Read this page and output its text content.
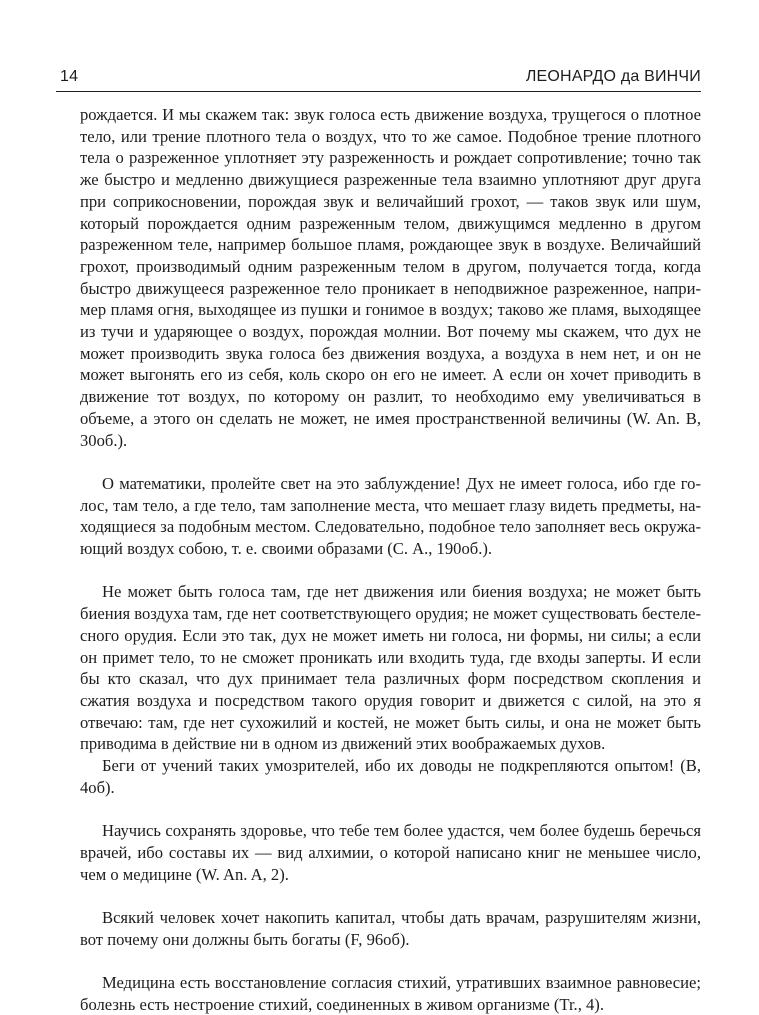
14	ЛЕОНАРДО да ВИНЧИ

рождается. И мы скажем так: звук голоса есть движение воздуха, трущегося о плотное тело, или трение плотного тела о воздух, что то же самое. Подобное трение плотного тела о разреженное уплотняет эту разреженность и рождает сопротивление; точно так же быстро и медленно движущиеся разреженные тела взаимно уплотняют друг друга при соприкосновении, порождая звук и величайший грохот, — таков звук или шум, который порождается одним разреженным телом, движущимся медленно в другом разреженном теле, например большое пламя, рождающее звук в воздухе. Величайший грохот, производимый одним разреженным телом в другом, получается тогда, когда быстро движущееся разреженное тело проникает в неподвижное разреженное, например пламя огня, выходящее из пушки и гонимое в воздух; таково же пламя, выходящее из тучи и ударяющее о воздух, порождая молнии. Вот почему мы скажем, что дух не может производить звука голоса без движения воздуха, а воздуха в нем нет, и он не может выгонять его из себя, коль скоро он его не имеет. А если он хочет приводить в движение тот воздух, по которому он разлит, то необходимо ему увеличиваться в объеме, а этого он сделать не может, не имея пространственной величины (W. An. B, 30об.).

О математики, пролейте свет на это заблуждение! Дух не имеет голоса, ибо где голос, там тело, а где тело, там заполнение места, что мешает глазу видеть предметы, находящиеся за подобным местом. Следовательно, подобное тело заполняет весь окружающий воздух собою, т. е. своими образами (С. А., 190об.).

Не может быть голоса там, где нет движения или биения воздуха; не может быть биения воздуха там, где нет соответствующего орудия; не может существовать бестелесного орудия. Если это так, дух не может иметь ни голоса, ни формы, ни силы; а если он примет тело, то не сможет проникать или входить туда, где входы заперты. И если бы кто сказал, что дух принимает тела различных форм посредством скопления и сжатия воздуха и посредством такого орудия говорит и движется с силой, на это я отвечаю: там, где нет сухожилий и костей, не может быть силы, и она не может быть приводима в действие ни в одном из движений этих воображаемых духов.

Беги от учений таких умозрителей, ибо их доводы не подкрепляются опытом! (B, 4об).

Научись сохранять здоровье, что тебе тем более удастся, чем более будешь беречься врачей, ибо составы их — вид алхимии, о которой написано книг не меньшее число, чем о медицине (W. An. A, 2).

Всякий человек хочет накопить капитал, чтобы дать врачам, разрушителям жизни, вот почему они должны быть богаты (F, 96об).

Медицина есть восстановление согласия стихий, утративших взаимное равновесие; болезнь есть нестроение стихий, соединенных в живом организме (Tr., 4).
